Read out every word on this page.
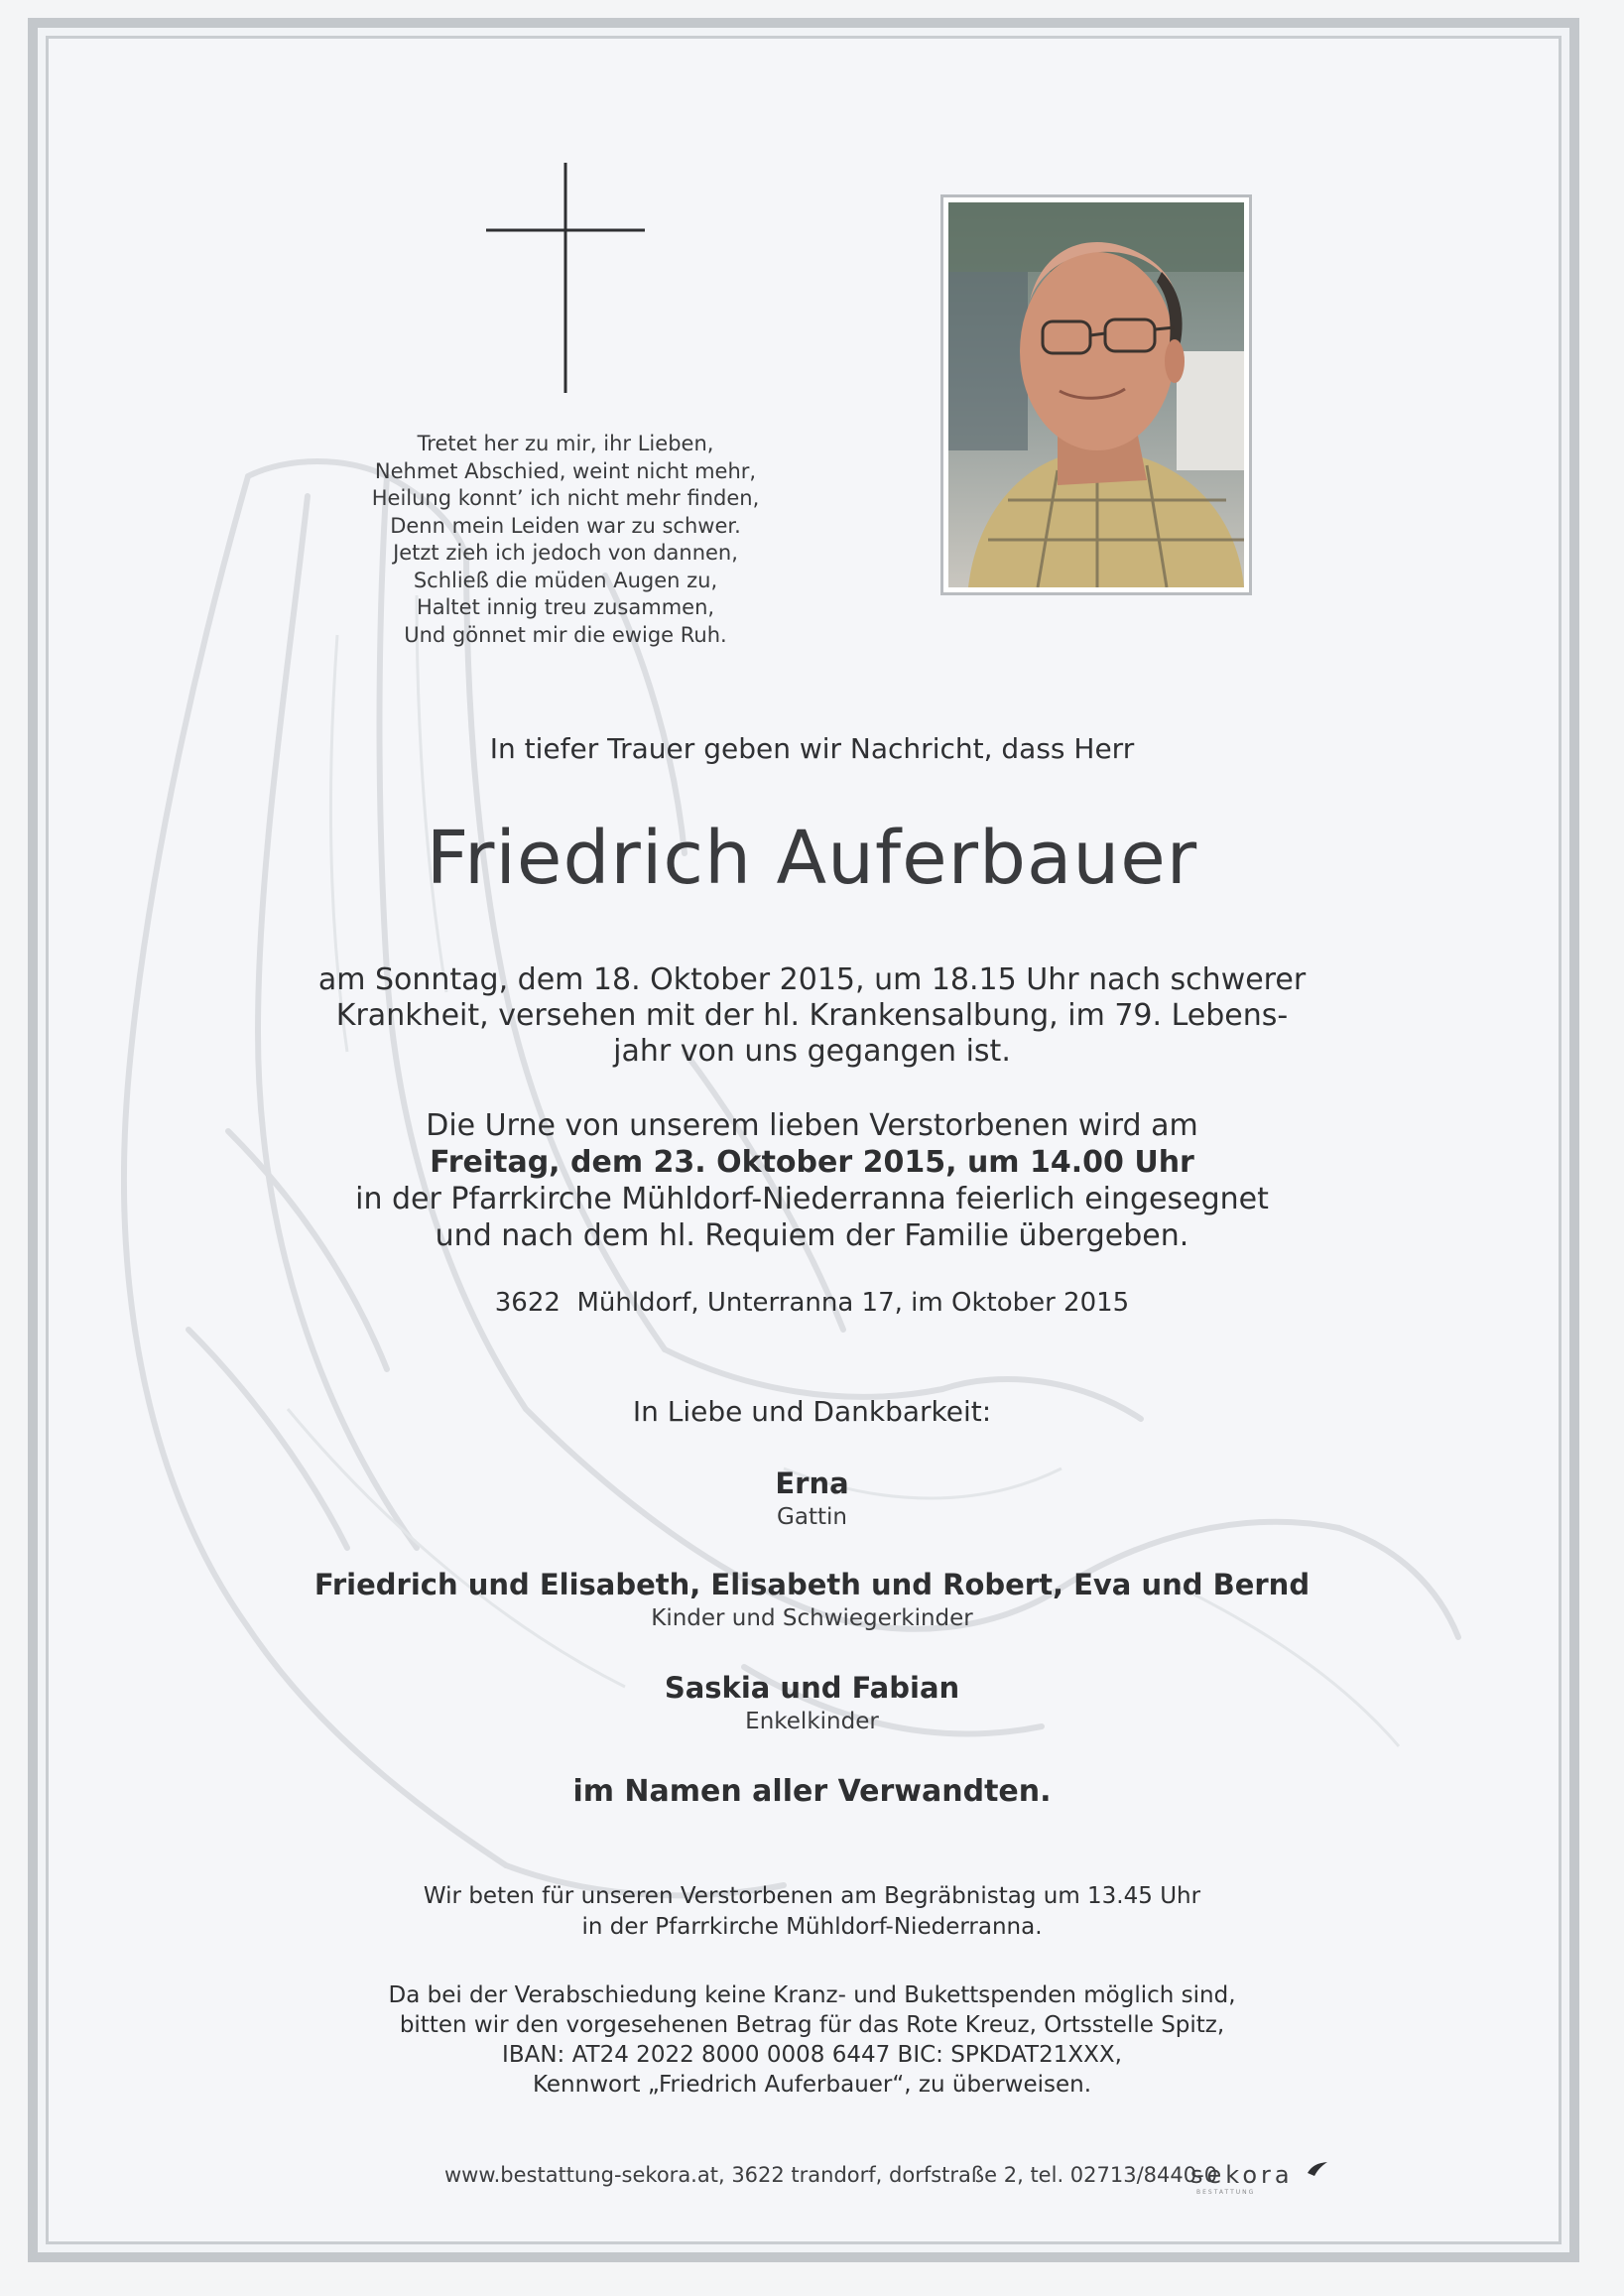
Tretet her zu mir, ihr Lieben,
Nehmet Abschied, weint nicht mehr,
Heilung konnt’ ich nicht mehr finden,
Denn mein Leiden war zu schwer.
Jetzt zieh ich jedoch von dannen,
Schließ die müden Augen zu,
Haltet innig treu zusammen,
Und gönnet mir die ewige Ruh.
In tiefer Trauer geben wir Nachricht, dass Herr
Friedrich Auferbauer
am Sonntag, dem 18. Oktober 2015, um 18.15 Uhr nach schwerer
Krankheit, versehen mit der hl. Krankensalbung, im 79. Lebens-
jahr von uns gegangen ist.
Die Urne von unserem lieben Verstorbenen wird am
Freitag, dem 23. Oktober 2015, um 14.00 Uhr
in der Pfarrkirche Mühldorf-Niederranna feierlich eingesegnet
und nach dem hl. Requiem der Familie übergeben.
3622  Mühldorf, Unterranna 17, im Oktober 2015
In Liebe und Dankbarkeit:
Erna
Gattin
Friedrich und Elisabeth, Elisabeth und Robert, Eva und Bernd
Kinder und Schwiegerkinder
Saskia und Fabian
Enkelkinder
im Namen aller Verwandten.
Wir beten für unseren Verstorbenen am Begräbnistag um 13.45 Uhr
in der Pfarrkirche Mühldorf-Niederranna.
Da bei der Verabschiedung keine Kranz- und Bukettspenden möglich sind,
bitten wir den vorgesehenen Betrag für das Rote Kreuz, Ortsstelle Spitz,
IBAN: AT24 2022 8000 0008 6447 BIC: SPKDAT21XXX,
Kennwort „Friedrich Auferbauer“, zu überweisen.
www.bestattung-sekora.at, 3622 trandorf, dorfstraße 2, tel. 02713/8440-0
sekora
BESTATTUNG
